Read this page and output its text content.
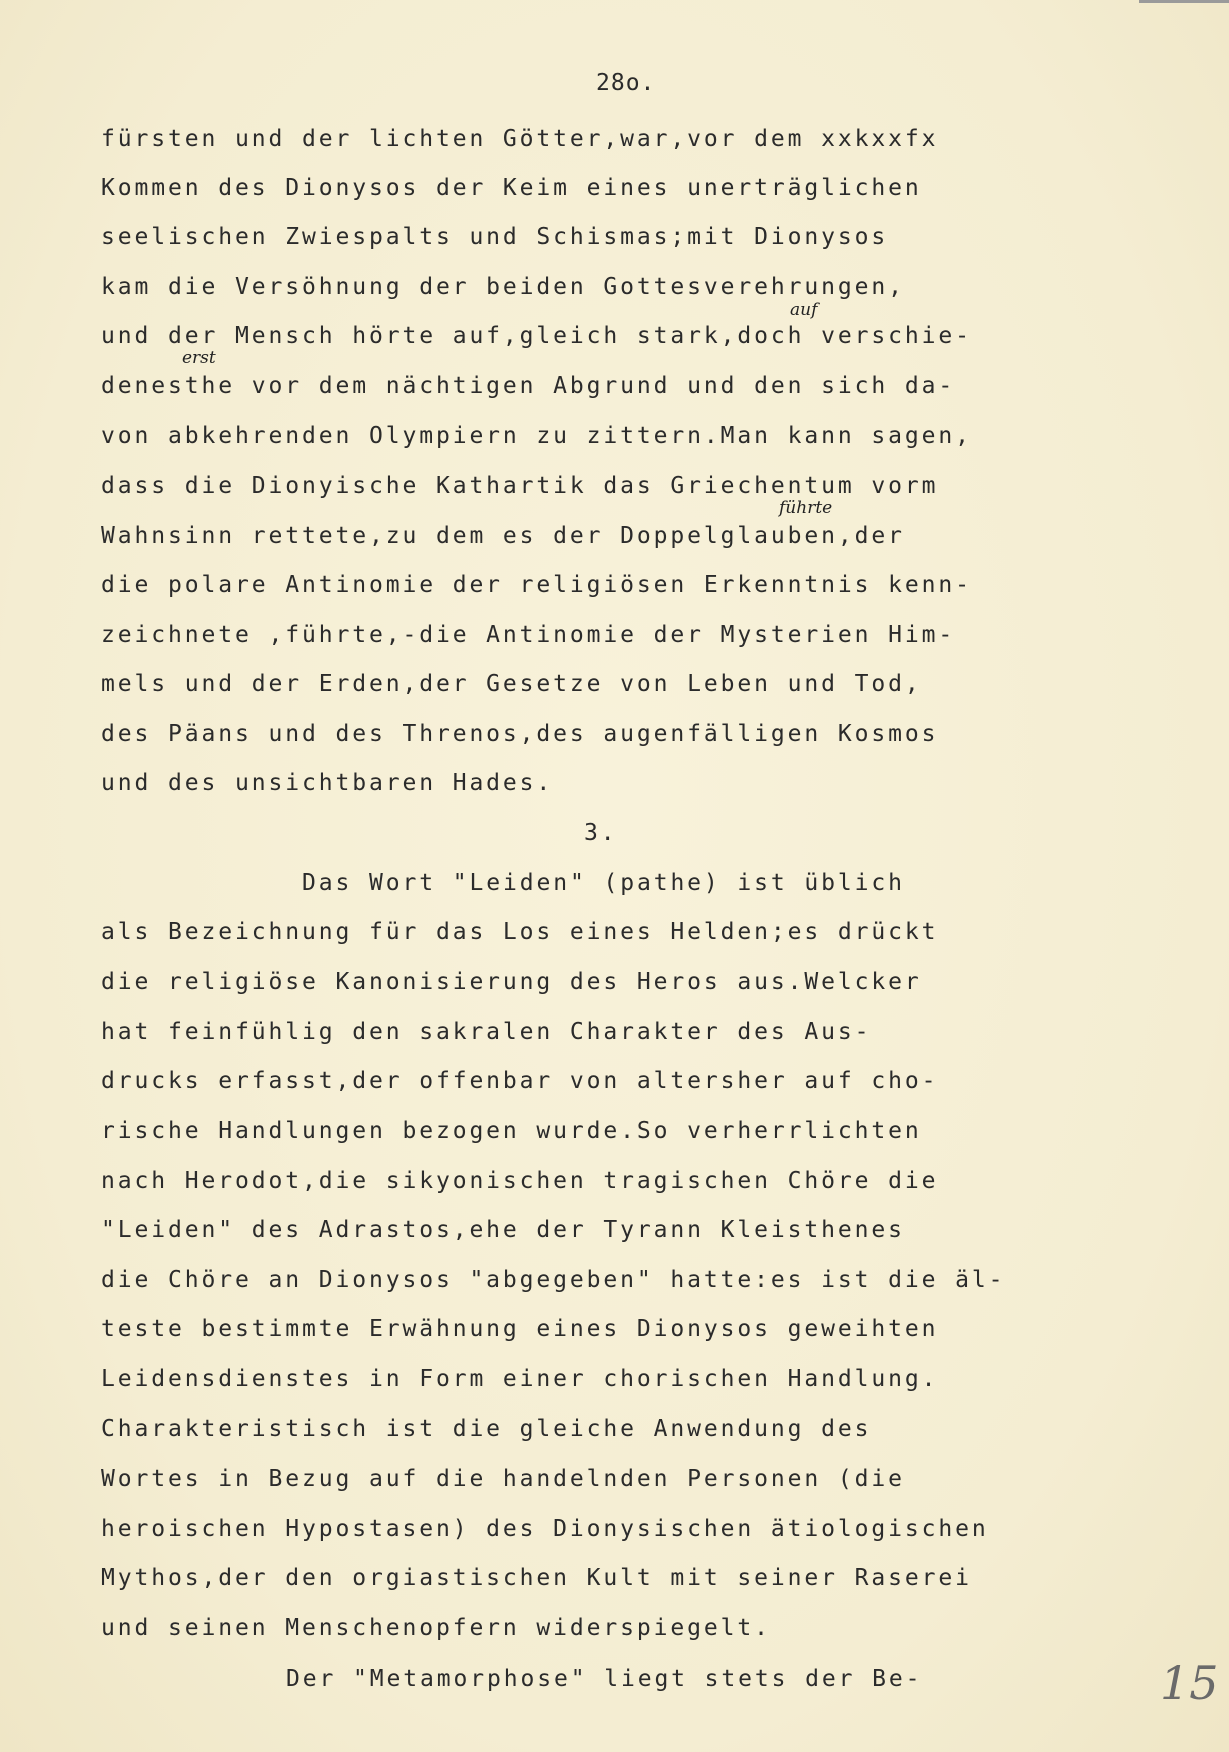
28o.
fürsten und der lichten Götter,war,vor dem xxkxxfx
Kommen des Dionysos der Keim eines unerträglichen
seelischen Zwiespalts und Schismas;mit Dionysos
kam die Versöhnung der beiden Gottesverehrungen,
und der Mensch hörte auf,gleich stark,doch verschie-
denesthe vor dem nächtigen Abgrund und den sich da-
von abkehrenden Olympiern zu zittern.Man kann sagen,
dass die Dionyische Kathartik das Griechentum vorm
Wahnsinn rettete,zu dem es der Doppelglauben,der
die polare Antinomie der religiösen Erkenntnis kenn-
zeichnete ,führte,-die Antinomie der Mysterien Him-
mels und der Erden,der Gesetze von Leben und Tod,
des Päans und des Threnos,des augenfälligen Kosmos
und des unsichtbaren Hades.
3.
Das Wort "Leiden" (pathe) ist üblich
als Bezeichnung für das Los eines Helden;es drückt
die religiöse Kanonisierung des Heros aus.Welcker
hat feinfühlig den sakralen Charakter des Aus-
drucks erfasst,der offenbar von altersher auf cho-
rische Handlungen bezogen wurde.So verherrlichten
nach Herodot,die sikyonischen tragischen Chöre die
"Leiden" des Adrastos,ehe der Tyrann Kleisthenes
die Chöre an Dionysos "abgegeben" hatte:es ist die äl-
teste bestimmte Erwähnung eines Dionysos geweihten
Leidensdienstes in Form einer chorischen Handlung.
Charakteristisch ist die gleiche Anwendung des
Wortes in Bezug auf die handelnden Personen (die
heroischen Hypostasen) des Dionysischen ätiologischen
Mythos,der den orgiastischen Kult mit seiner Raserei
und seinen Menschenopfern widerspiegelt.
Der "Metamorphose" liegt stets der Be-
auf
erst
führte
15
